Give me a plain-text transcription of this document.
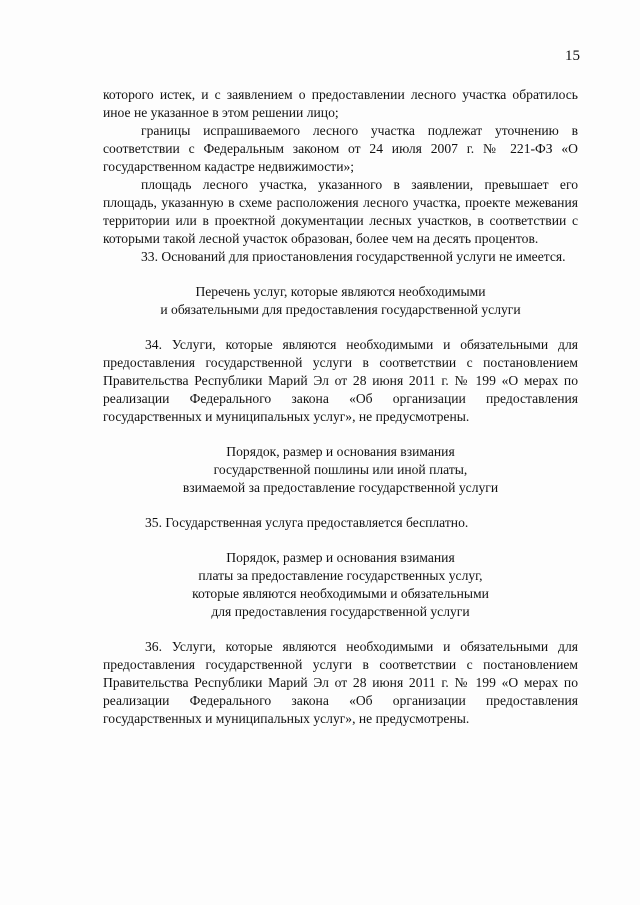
15

которого истек, и с заявлением о предоставлении лесного участка обратилось иное не указанное в этом решении лицо;

границы испрашиваемого лесного участка подлежат уточнению в соответствии с Федеральным законом от 24 июля 2007 г. № 221-ФЗ «О государственном кадастре недвижимости»;

площадь лесного участка, указанного в заявлении, превышает его площадь, указанную в схеме расположения лесного участка, проекте межевания территории или в проектной документации лесных участков, в соответствии с которыми такой лесной участок образован, более чем на десять процентов.

33. Оснований для приостановления государственной услуги не имеется.

Перечень услуг, которые являются необходимыми

и обязательными для предоставления государственной услуги

34. Услуги, которые являются необходимыми и обязательными для предоставления государственной услуги в соответствии с постановлением Правительства Республики Марий Эл от 28 июня 2011 г. № 199 «О мерах по реализации Федерального закона «Об организации предоставления государственных и муниципальных услуг», не предусмотрены.

Порядок, размер и основания взимания

государственной пошлины или иной платы,

взимаемой за предоставление государственной услуги

35. Государственная услуга предоставляется бесплатно.

Порядок, размер и основания взимания

платы за предоставление государственных услуг,

которые являются необходимыми и обязательными

для предоставления государственной услуги

36. Услуги, которые являются необходимыми и обязательными для предоставления государственной услуги в соответствии с постановлением Правительства Республики Марий Эл от 28 июня 2011 г. № 199 «О мерах по реализации Федерального закона «Об организации предоставления государственных и муниципальных услуг», не предусмотрены.
